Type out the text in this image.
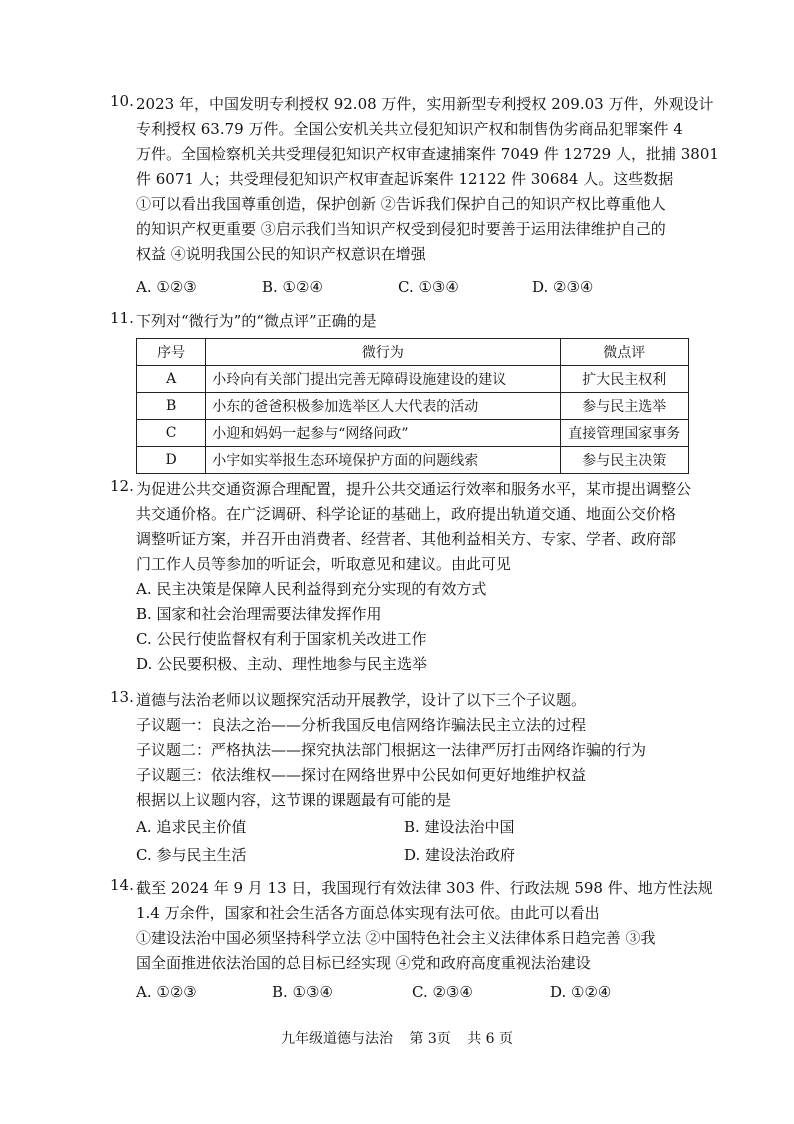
10. 2023 年，中国发明专利授权 92.08 万件，实用新型专利授权 209.03 万件，外观设计
专利授权 63.79 万件。全国公安机关共立侵犯知识产权和制售伪劣商品犯罪案件 4
万件。全国检察机关共受理侵犯知识产权审查逮捕案件 7049 件 12729 人，批捕 3801
件 6071 人；共受理侵犯知识产权审查起诉案件 12122 件 30684 人。这些数据
①可以看出我国尊重创造，保护创新 ②告诉我们保护自己的知识产权比尊重他人
的知识产权更重要 ③启示我们当知识产权受到侵犯时要善于运用法律维护自己的
权益 ④说明我国公民的知识产权意识在增强
A. ①②③	B. ①②④	C. ①③④	D. ②③④
11. 下列对“微行为”的“微点评”正确的是
序号	微行为	微点评
A	小玲向有关部门提出完善无障碍设施建设的建议	扩大民主权利
B	小东的爸爸积极参加选举区人大代表的活动	参与民主选举
C	小迎和妈妈一起参与“网络问政”	直接管理国家事务
D	小宇如实举报生态环境保护方面的问题线索	参与民主决策
12. 为促进公共交通资源合理配置，提升公共交通运行效率和服务水平，某市提出调整公
共交通价格。在广泛调研、科学论证的基础上，政府提出轨道交通、地面公交价格
调整听证方案，并召开由消费者、经营者、其他利益相关方、专家、学者、政府部
门工作人员等参加的听证会，听取意见和建议。由此可见
A. 民主决策是保障人民利益得到充分实现的有效方式
B. 国家和社会治理需要法律发挥作用
C. 公民行使监督权有利于国家机关改进工作
D. 公民要积极、主动、理性地参与民主选举
13. 道德与法治老师以议题探究活动开展教学，设计了以下三个子议题。
子议题一：良法之治——分析我国反电信网络诈骗法民主立法的过程
子议题二：严格执法——探究执法部门根据这一法律严厉打击网络诈骗的行为
子议题三：依法维权——探讨在网络世界中公民如何更好地维护权益
根据以上议题内容，这节课的课题最有可能的是
A. 追求民主价值	B. 建设法治中国
C. 参与民主生活	D. 建设法治政府
14. 截至 2024 年 9 月 13 日，我国现行有效法律 303 件、行政法规 598 件、地方性法规
1.4 万余件，国家和社会生活各方面总体实现有法可依。由此可以看出
①建设法治中国必须坚持科学立法 ②中国特色社会主义法律体系日趋完善 ③我
国全面推进依法治国的总目标已经实现 ④党和政府高度重视法治建设
A. ①②③	B. ①③④	C. ②③④	D. ①②④
九年级道德与法治 第 3页 共 6 页
